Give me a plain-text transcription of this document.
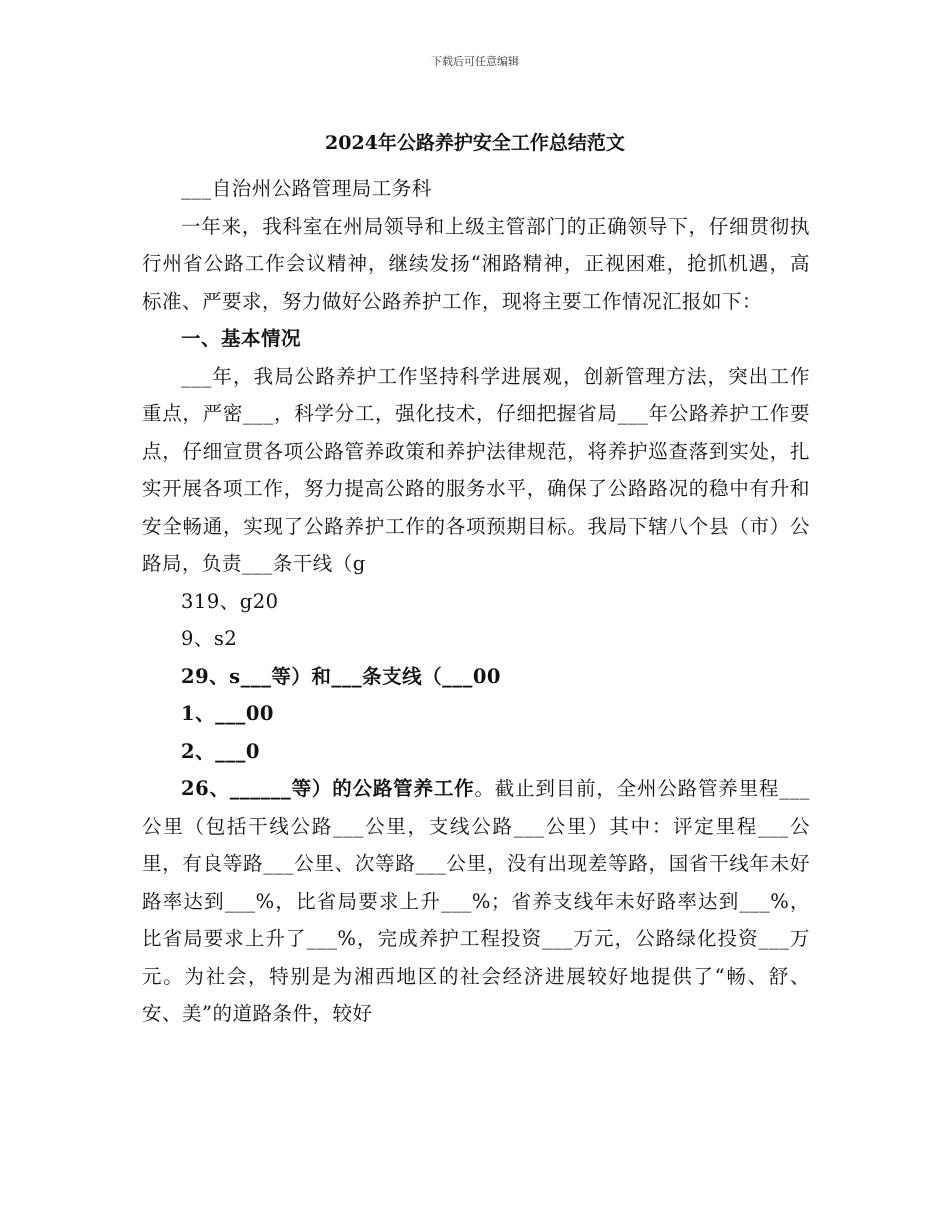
下载后可任意编辑
2024年公路养护安全工作总结范文

___自治州公路管理局工务科

一年来，我科室在州局领导和上级主管部门的正确领导下，仔细贯彻执行州省公路工作会议精神，继续发扬“湘路精神，正视困难，抢抓机遇，高标准、严要求，努力做好公路养护工作，现将主要工作情况汇报如下：

一、基本情况

___年，我局公路养护工作坚持科学进展观，创新管理方法，突出工作重点，严密___，科学分工，强化技术，仔细把握省局___年公路养护工作要点，仔细宣贯各项公路管养政策和养护法律规范，将养护巡查落到实处，扎实开展各项工作，努力提高公路的服务水平，确保了公路路况的稳中有升和安全畅通，实现了公路养护工作的各项预期目标。我局下辖八个县（市）公路局，负责___条干线（g

319、g20

9、s2

29、s___等）和___条支线（___00

1、___00

2、___0

26、______等）的公路管养工作。截止到目前，全州公路管养里程___公里（包括干线公路___公里，支线公路___公里）其中：评定里程___公里，有良等路___公里、次等路___公里，没有出现差等路，国省干线年未好路率达到___%，比省局要求上升___%；省养支线年未好路率达到___%，比省局要求上升了___%，完成养护工程投资___万元，公路绿化投资___万元。为社会，特别是为湘西地区的社会经济进展较好地提供了“畅、舒、安、美”的道路条件，较好
